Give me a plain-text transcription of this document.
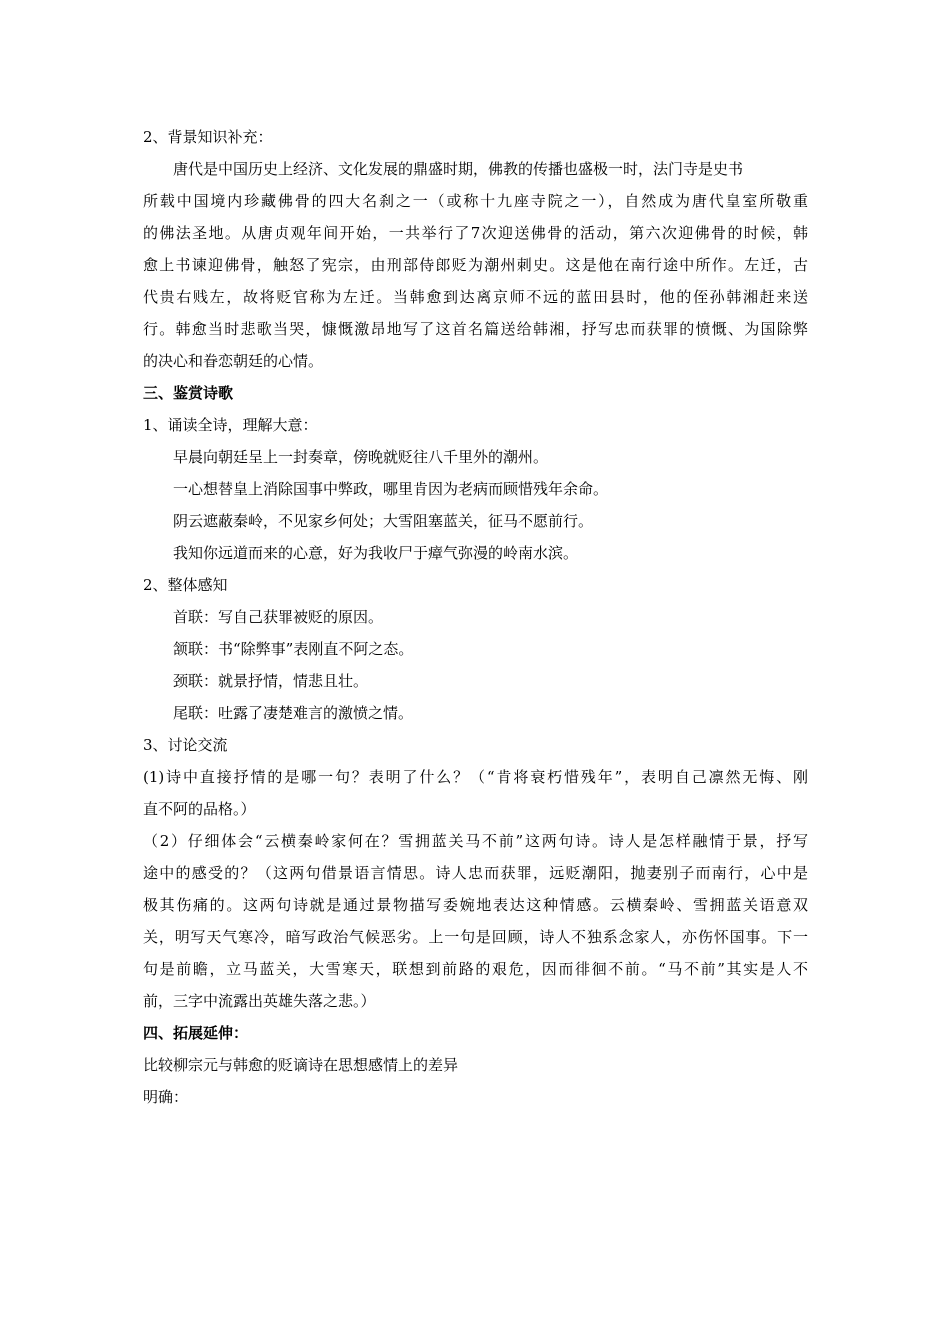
2、背景知识补充：
唐代是中国历史上经济、文化发展的鼎盛时期，佛教的传播也盛极一时，法门寺是史书
所载中国境内珍藏佛骨的四大名刹之一（或称十九座寺院之一），自然成为唐代皇室所敬重
的佛法圣地。从唐贞观年间开始，一共举行了7次迎送佛骨的活动，第六次迎佛骨的时候，韩
愈上书谏迎佛骨，触怒了宪宗，由刑部侍郎贬为潮州刺史。这是他在南行途中所作。左迁，古
代贵右贱左，故将贬官称为左迁。当韩愈到达离京师不远的蓝田县时，他的侄孙韩湘赶来送
行。韩愈当时悲歌当哭，慷慨激昂地写了这首名篇送给韩湘，抒写忠而获罪的愤慨、为国除弊
的决心和眷恋朝廷的心情。
三、鉴赏诗歌
1、诵读全诗，理解大意：
早晨向朝廷呈上一封奏章，傍晚就贬往八千里外的潮州。
一心想替皇上消除国事中弊政，哪里肯因为老病而顾惜残年余命。
阴云遮蔽秦岭，不见家乡何处；大雪阻塞蓝关，征马不愿前行。
我知你远道而来的心意，好为我收尸于瘴气弥漫的岭南水滨。
2、整体感知
首联：写自己获罪被贬的原因。
颔联：书“除弊事”表刚直不阿之态。
颈联：就景抒情，情悲且壮。
尾联：吐露了凄楚难言的激愤之情。
3、讨论交流
(1)诗中直接抒情的是哪一句？表明了什么？（“肯将衰朽惜残年”，表明自己凛然无悔、刚
直不阿的品格。）
（2）仔细体会“云横秦岭家何在？雪拥蓝关马不前”这两句诗。诗人是怎样融情于景，抒写
途中的感受的？（这两句借景语言情思。诗人忠而获罪，远贬潮阳，抛妻别子而南行，心中是
极其伤痛的。这两句诗就是通过景物描写委婉地表达这种情感。云横秦岭、雪拥蓝关语意双
关，明写天气寒冷，暗写政治气候恶劣。上一句是回顾，诗人不独系念家人，亦伤怀国事。下一
句是前瞻，立马蓝关，大雪寒天，联想到前路的艰危，因而徘徊不前。“马不前”其实是人不
前，三字中流露出英雄失落之悲。）
四、拓展延伸：
比较柳宗元与韩愈的贬谪诗在思想感情上的差异
明确：
